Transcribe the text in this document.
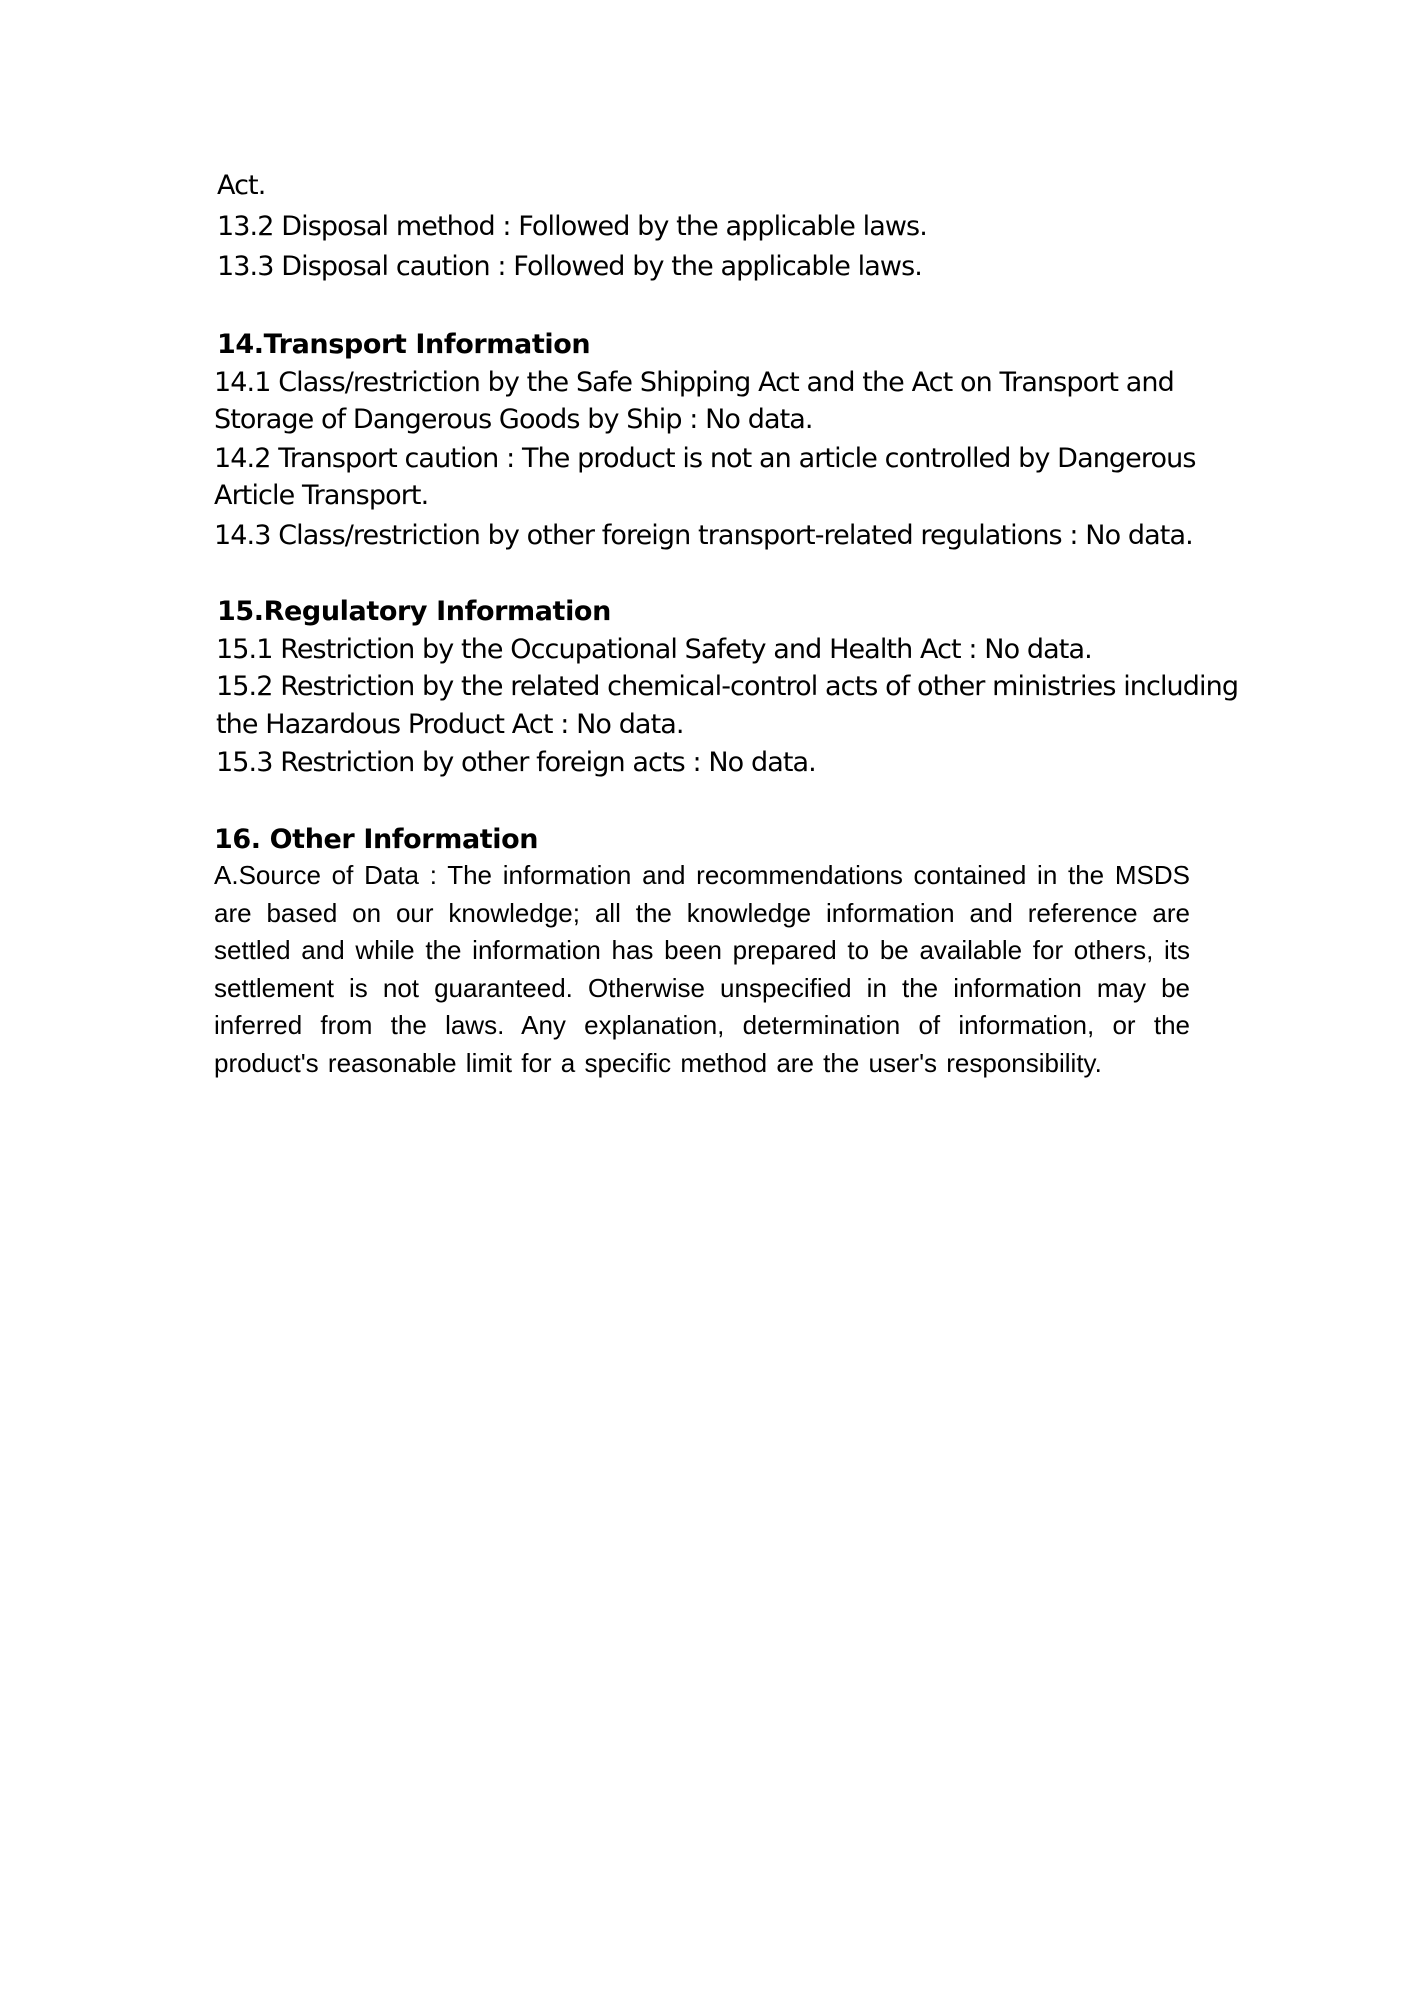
Act.
13.2 Disposal method : Followed by the applicable laws.
13.3 Disposal caution : Followed by the applicable laws.
14.Transport Information
14.1 Class/restriction by the Safe Shipping Act and the Act on Transport and
Storage of Dangerous Goods by Ship : No data.
14.2 Transport caution : The product is not an article controlled by Dangerous
Article Transport.
14.3 Class/restriction by other foreign transport-related regulations : No data.
15.Regulatory Information
15.1 Restriction by the Occupational Safety and Health Act : No data.
15.2 Restriction by the related chemical-control acts of other ministries including
the Hazardous Product Act : No data.
15.3 Restriction by other foreign acts : No data.
16. Other Information
A.Source of Data : The information and recommendations contained in the MSDS are based on our knowledge; all the knowledge information and reference are settled and while the information has been prepared to be available for others, its settlement is not guaranteed. Otherwise unspecified in the information may be inferred from the laws. Any explanation, determination of information, or the product's reasonable limit for a specific method are the user's responsibility.
